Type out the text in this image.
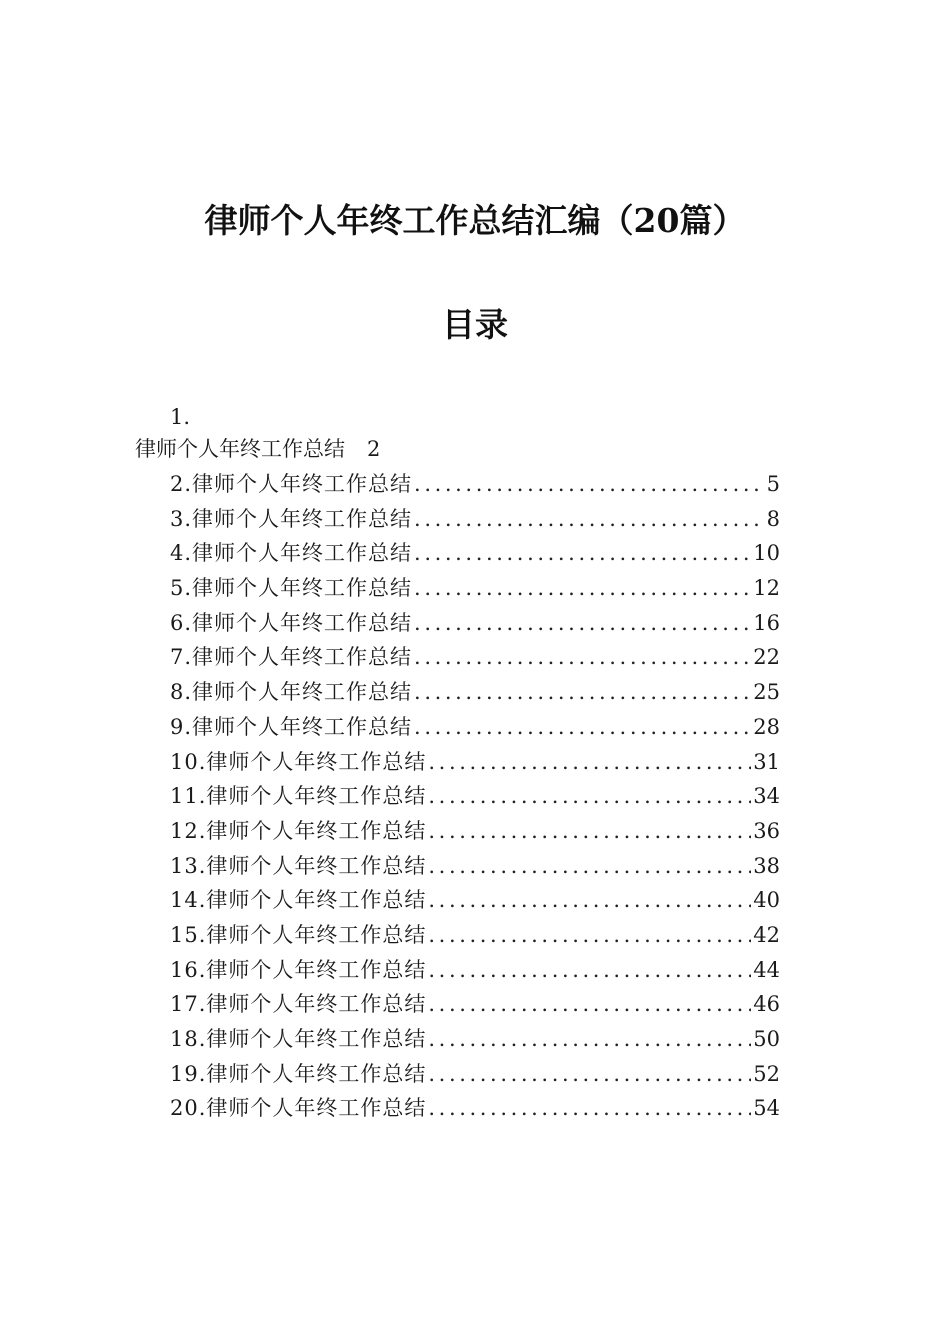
律师个人年终工作总结汇编（20篇）
目录
1.
律师个人年终工作总结 2
2.律师个人年终工作总结 .....	5
3.律师个人年终工作总结 .....	8
4.律师个人年终工作总结 .....	10
5.律师个人年终工作总结 .....	12
6.律师个人年终工作总结 .....	16
7.律师个人年终工作总结 .....	22
8.律师个人年终工作总结 .....	25
9.律师个人年终工作总结 .....	28
10.律师个人年终工作总结 .....	31
11.律师个人年终工作总结 .....	34
12.律师个人年终工作总结 .....	36
13.律师个人年终工作总结 .....	38
14.律师个人年终工作总结 .....	40
15.律师个人年终工作总结 .....	42
16.律师个人年终工作总结 .....	44
17.律师个人年终工作总结 .....	46
18.律师个人年终工作总结 .....	50
19.律师个人年终工作总结 .....	52
20.律师个人年终工作总结 .....	54
